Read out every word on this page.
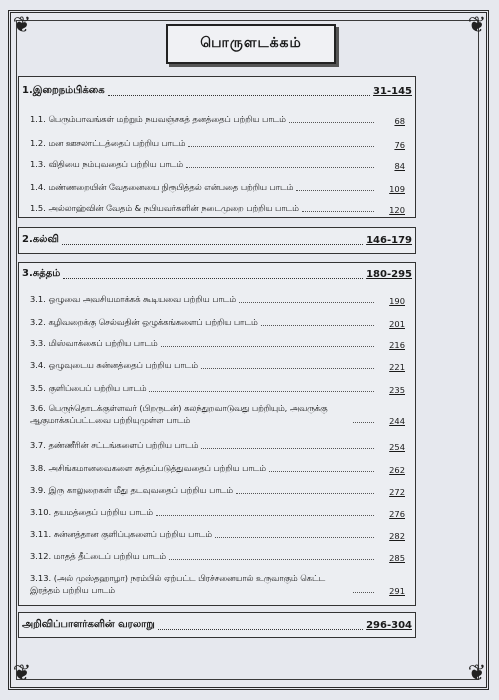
❦	❦
❦	❦
பொருளடக்கம்
1.இறைநம்பிக்கை	31-145
1.1. பெரும்பாவங்கள் மற்றும் நயவஞ்சகத் தனத்தைப் பற்றிய பாடம்	68
1.2. மன ஊசலாட்டத்தைப் பற்றிய பாடம்	76
1.3. விதியை நம்புவதைப் பற்றிய பாடம்	84
1.4. மண்ணறையின் வேதனையை நிரூபித்தல் என்பதை பற்றிய பாடம்	109
1.5. அல்லாஹ்வின் வேதம் & நபியவர்களின் நடைமுறை பற்றிய பாடம்	120
2.கல்வி	146-179
3.சுத்தம்	180-295
3.1. ஒழுவை அவசியமாக்கக் கூடியவை பற்றிய பாடம்	190
3.2. கழிவறைக்கு செல்வதின் ஒழுக்கங்களைப் பற்றிய பாடம்	201
3.3. மிஸ்வாக்கைப் பற்றிய பாடம்	216
3.4. ஒழுவுடைய சுன்னத்தைப் பற்றிய பாடம்	221
3.5. குளிப்பைப் பற்றிய பாடம்	235
3.6. பெருந்தொடக்குள்ளவர் (பிறருடன்) கலந்துறவாடுவது பற்றியும், அவருக்கு ஆகுமாக்கப்பட்டவை பற்றியுமுள்ள பாடம்	244
3.7. தண்ணீரின் சட்டங்களைப் பற்றிய பாடம்	254
3.8. அசிங்கமானவைகளை சுத்தப்படுத்துவதைப் பற்றிய பாடம்	262
3.9. இரு காலுறைகள் மீது தடவுவதைப் பற்றிய பாடம்	272
3.10. தயமத்தைப் பற்றிய பாடம்	276
3.11. சுன்னத்தான குளிப்புகளைப் பற்றிய பாடம்	282
3.12. மாதத் தீட்டைப் பற்றிய பாடம்	285
3.13. (அல் முஸ்தஹாழா) நரம்பில் ஏற்பட்ட பிரச்சனையால் உருவாகும் கெட்ட இரத்தம் பற்றிய பாடம்	291
அறிவிப்பாளர்களின் வரலாறு	296-304
